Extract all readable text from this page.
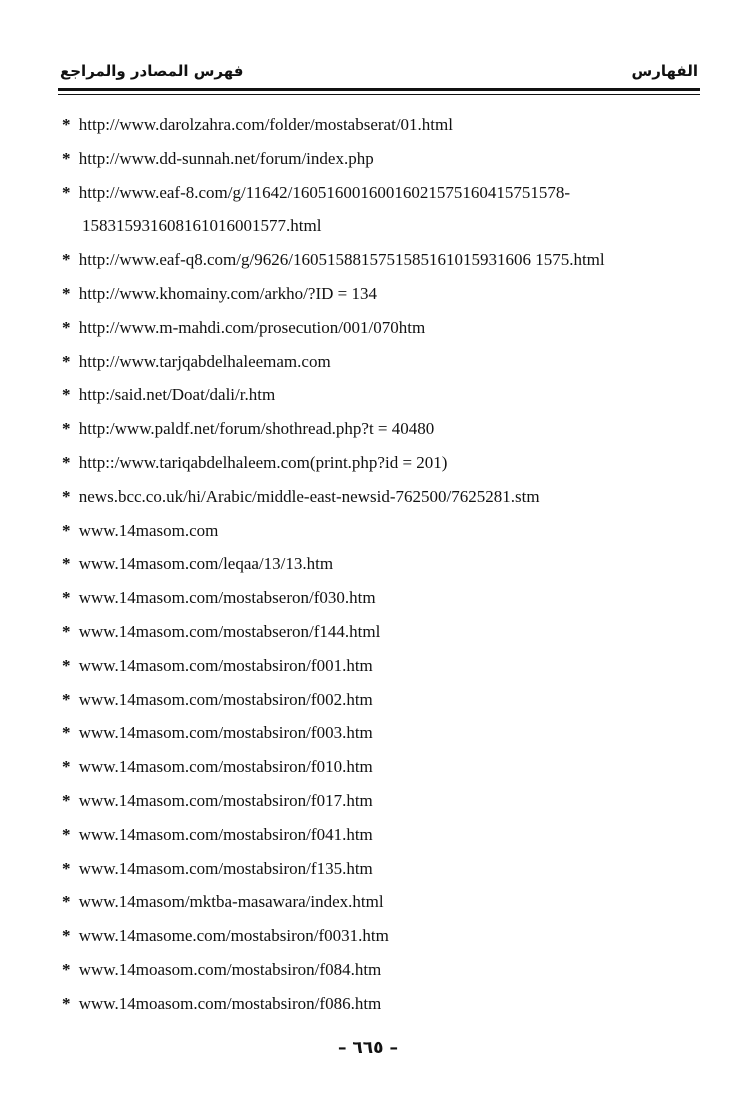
فهرس المصادر والمراجع	الفهارس
* http://www.darolzahra.com/folder/mostabserat/01.html
* http://www.dd-sunnah.net/forum/index.php
* http://www.eaf-8.com/g/11642/16051600160016021575160415751578-
15831593160816101600157​7.html
* http://www.eaf-q8.com/g/9626/1605158815751585161015931606 1575.html
* http://www.khomainy.com/arkho/?ID = 134
* http://www.m-mahdi.com/prosecution/001/070htm
* http://www.tarjqabdelhaleemam.com
* http:/said.net/Doat/dali/r.htm
* http:/www.paldf.net/forum/shothread.php?t = 40480
* http::/www.tariqabdelhaleem.com(print.php?id = 201)
* news.bcc.co.uk/hi/Arabic/middle-east-newsid-762500/7625281.stm
* www.14masom.com
* www.14masom.com/leqaa/13/13.htm
* www.14masom.com/mostabseron/f030.htm
* www.14masom.com/mostabseron/f144.html
* www.14masom.com/mostabsiron/f001.htm
* www.14masom.com/mostabsiron/f002.htm
* www.14masom.com/mostabsiron/f003.htm
* www.14masom.com/mostabsiron/f010.htm
* www.14masom.com/mostabsiron/f017.htm
* www.14masom.com/mostabsiron/f041.htm
* www.14masom.com/mostabsiron/f135.htm
* www.14masom/mktba-masawara/index.html
* www.14masome.com/mostabsiron/f0031.htm
* www.14moasom.com/mostabsiron/f084.htm
* www.14moasom.com/mostabsiron/f086.htm
– ٦٦٥ –
